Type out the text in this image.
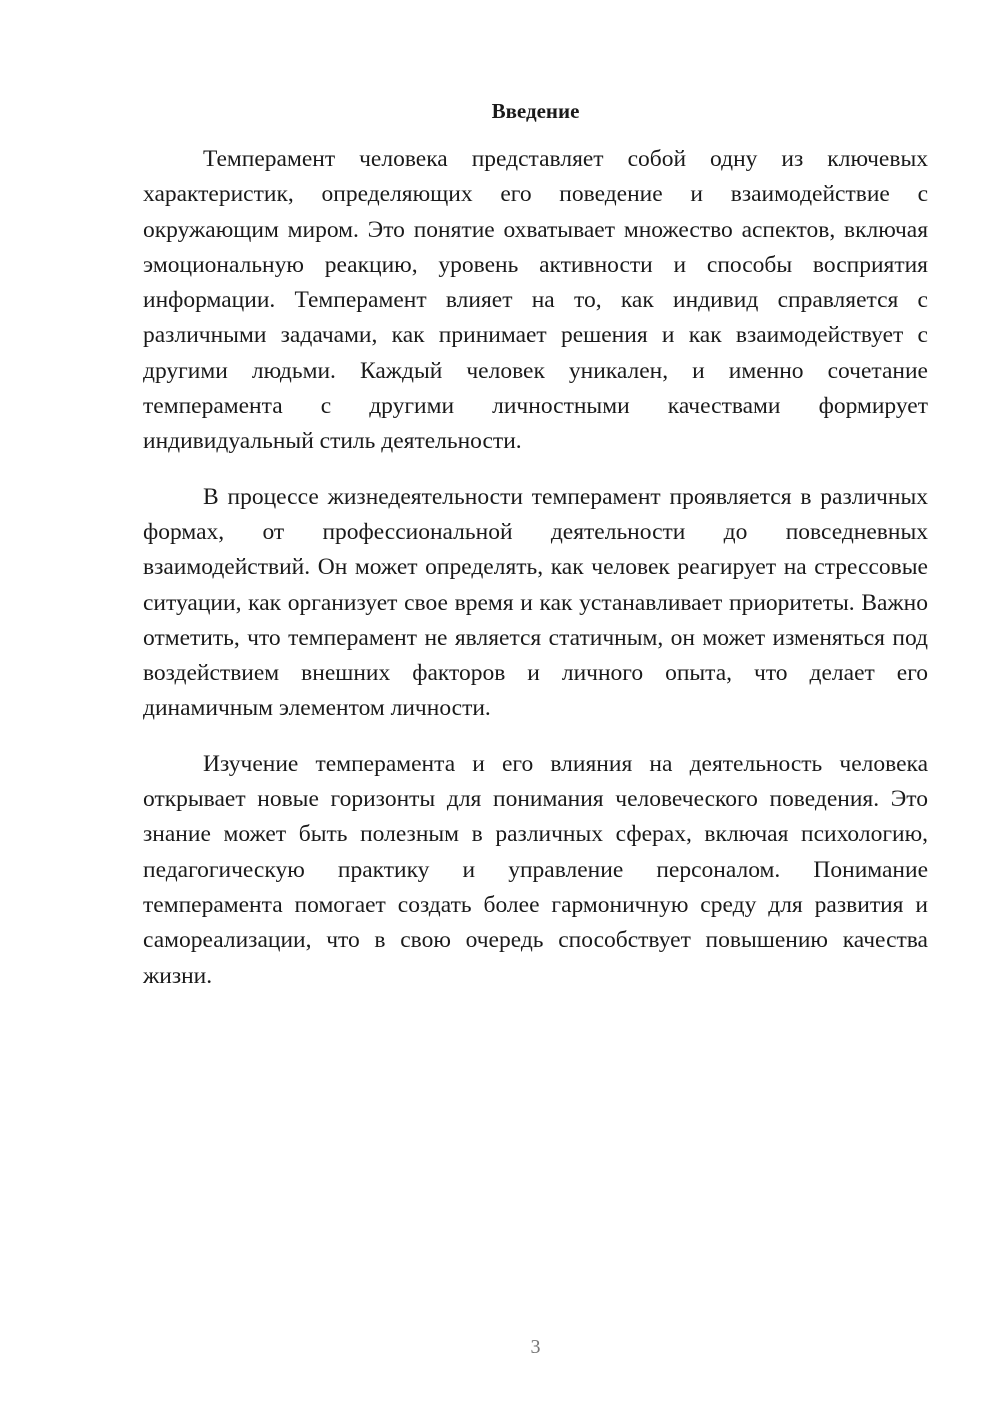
Введение

Темперамент человека представляет собой одну из ключевых характеристик, определяющих его поведение и взаимодействие с окружающим миром. Это понятие охватывает множество аспектов, включая эмоциональную реакцию, уровень активности и способы восприятия информации. Темперамент влияет на то, как индивид справляется с различными задачами, как принимает решения и как взаимодействует с другими людьми. Каждый человек уникален, и именно сочетание темперамента с другими личностными качествами формирует индивидуальный стиль деятельности.

В процессе жизнедеятельности темперамент проявляется в различных формах, от профессиональной деятельности до повседневных взаимодействий. Он может определять, как человек реагирует на стрессовые ситуации, как организует свое время и как устанавливает приоритеты. Важно отметить, что темперамент не является статичным, он может изменяться под воздействием внешних факторов и личного опыта, что делает его динамичным элементом личности.

Изучение темперамента и его влияния на деятельность человека открывает новые горизонты для понимания человеческого поведения. Это знание может быть полезным в различных сферах, включая психологию, педагогическую практику и управление персоналом. Понимание темперамента помогает создать более гармоничную среду для развития и самореализации, что в свою очередь способствует повышению качества жизни.

3
